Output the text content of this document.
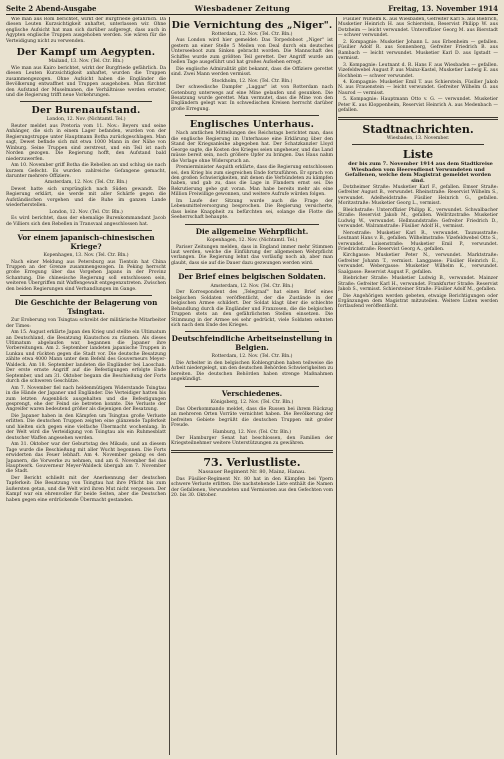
Seite 2 Abend-Ausgabe	Wiesbadener Zeitung	Freitag, 13. November 1914

Wie man aus Rom berichtet, wirkt der Burgfriede gefährlich. Da diesen Leuten Kurzsichtigkeit anhaftet, unterlassen wir. Ohne englische Aufsicht hat man sich darüber aufgeregt, dass auch in Ägypten englische Truppen ausgehoben werden. Sie wären für die Verteidigung nicht zu verwenden.

Der Kampf um Aegypten.
Mailand, 13. Nov. (Tel. Ctr. Bln.)

Wie man aus Kairo berichtet, wirkt der Burgfriede gefährlich. Da diesen Leuten Kurzsichtigkeit anhaftet, wurden die Truppen zusammengezogen. Ohne Aufsicht haben die Engländer die Bevölkerung entwaffnet und Truppen ausgehoben. Man fürchtet den Aufstand der Muselmanen, die Verhältnisse werden ernster, und die Regierung trifft neue Vorkehrungen.

Der Burenaufstand.
London, 12. Nov. (Nichtamtl. Tel.)

Reuter meldet aus Pretoria vom 11. Nov.: Beyers und seine Anhänger, die sich in einem Lager befanden, wurden von der Regierungstruppe unter Hauptmann Botha zurückgeschlagen. Man sagt, Dewet befinde sich mit etwa 1000 Mann in der Nähe von Winburg. Seine Truppen sind zerstreut, und ein Teil ist nach Norden gezogen. Die Regierung hofft, den Aufstand bald niederzuwerfen.

Am 10. November griff Botha die Rebellen an und schlug sie nach kurzem Gefecht. Es wurden zahlreiche Gefangene gemacht, darunter mehrere Offiziere.

Amsterdam, 12. Nov. (Tel. Ctr. Bln.)

Dewet hatte sich ursprünglich nach Süden gewandt. Die Regierung erklärt, sie werde mit aller Schärfe gegen die Aufständischen vorgehen und die Ruhe im ganzen Lande wiederherstellen.

London, 12. Nov. (Tel. Ctr. Bln.)

Es wird berichtet, dass der ehemalige Burenkommandant Jacob de Villiers sich den Rebellen in Transvaal angeschlossen hat.

Vor einem japanisch-chinesischen Kriege?
Kopenhagen, 13. Nov. (Tel. Ctr. Bln.)

Nach einer Meldung aus Petersburg aus Tientsin hat China Truppen an der Grenze zusammengezogen. In Peking herrscht große Erregung über das Vorgehen Japans in der Provinz Schantung. Die chinesische Regierung soll entschlossen sein, weiteren Übergriffen mit Waffengewalt entgegenzutreten. Zwischen den beiden Regierungen sind Verhandlungen im Gange.

Die Geschichte der Belagerung von Tsingtau.

Zur Eroberung von Tsingtau schreibt der militärische Mitarbeiter der Times:

Am 15. August erklärte Japan den Krieg und stellte ein Ultimatum an Deutschland, die Besatzung Kiautschou zu räumen. Als dieses Ultimatum abgelaufen war, begannen die Japaner ihre Vorbereitungen. Am 2. September landeten japanische Truppen in Lunkau und rückten gegen die Stadt vor. Die deutsche Besatzung zählte etwa 4000 Mann unter dem Befehl des Gouverneurs Meyer-Waldeck. Am 18. September landeten die Engländer bei Laoschan. Der erste ernste Angriff auf die Befestigungen erfolgte Ende September, und am 31. Oktober begann die Beschießung der Forts durch die schweren Geschütze.

Am 7. November fiel nach heldenmütigem Widerstande Tsingtau in die Hände der Japaner und Engländer. Die Verteidiger hatten bis zum letzten Augenblick ausgehalten und die Befestigungen gesprengt, ehe der Feind sie betreten konnte. Die Verluste der Angreifer waren bedeutend größer als diejenigen der Besatzung.

Die Japaner haben in den Kämpfen um Tsingtau große Verluste erlitten. Die deutschen Truppen zeigten eine glänzende Tapferkeit und hielten sich gegen eine vielfache Übermacht wochenlang. In der Welt wird die Verteidigung von Tsingtau als ein Ruhmesblatt deutscher Waffen angesehen werden.

Am 31. Oktober war der Geburtstag des Mikado, und an diesem Tage wurde die Beschießung mit aller Wucht begonnen. Die Forts erwiderten das Feuer lebhaft. Am 4. November gelang es den Japanern, die Vorwerke zu nehmen, und am 6. November fiel das Hauptwerk. Gouverneur Meyer-Waldeck übergab am 7. November die Stadt.

Der Bericht schließt mit der Anerkennung der deutschen Tapferkeit: Die Besatzung von Tsingtau hat ihre Pflicht bis zum äußersten getan, und die Welt wird ihren Mut nicht vergessen. Der Kampf war ein ehrenvoller für beide Seiten, aber die Deutschen haben gegen eine erdrückende Übermacht gestanden.

Die Vernichtung des „Niger".
Rotterdam, 12. Nov. (Tel. Ctr. Bln.)

Aus London wird hier gemeldet: Das Torpedoboot „Niger" ist gestern an einer Stelle 5 Meilen von Deal durch ein deutsches Unterseeboot zum Sinken gebracht worden. Die Mannschaft des Schiffes wurde zum größten Teil gerettet. Der Angriff wurde am hellen Tage ausgeführt und hat großes Aufsehen erregt.

Die englische Admiralität gibt bekannt, dass die Offiziere gerettet sind. Zwei Mann werden vermisst.

Stockholm, 12. Nov. (Tel. Ctr. Bln.)

Der schwedische Dampfer „Luggar" ist von Rotterdam nach Gotenburg unterwegs auf eine Mine gelaufen und gesunken. Die Besatzung wurde gerettet. Man vermutet, dass die Mine von den Engländern gelegt war. In schwedischen Kreisen herrscht darüber große Erregung.

Englisches Unterhaus.

Nach amtlichen Mitteilungen des Reichstags berichtet man, dass die englische Regierung im Unterhause eine Erklärung über den Stand der Kriegsanleihe abgegeben hat. Der Schatzkanzler Lloyd George sagte, die Kosten des Krieges seien ungeheuer, und das Land müsse bereit sein, noch größere Opfer zu bringen. Das Haus nahm die Vorlage ohne Widerspruch an.

Premierminister Asquith erklärte, dass die Regierung entschlossen sei, den Krieg bis zum siegreichen Ende fortzuführen. Er sprach von den großen Schwierigkeiten, mit denen die Verbündeten zu kämpfen haben, und gab zu, dass die Lage in Flandern ernst sei. Die Rekrutierung gehe gut voran. Man habe bereits mehr als eine Million Freiwillige gewonnen, und weitere Aufrufe würden folgen.

Im Laufe der Sitzung wurde auch die Frage der Lebensmittelversorgung besprochen. Die Regierung versicherte, dass keine Knappheit zu befürchten sei, solange die Flotte die Seeherrschaft behaupte.

Die allgemeine Wehrpflicht.
Kopenhagen, 12. Nov. (Nichtamtl. Tel.)

Pariser Zeitungen melden, dass in England immer mehr Stimmen laut werden, welche die Einführung der allgemeinen Wehrpflicht verlangen. Die Regierung lehnt das vorläufig noch ab, aber man glaubt, dass sie auf die Dauer dazu gezwungen werden wird.

Der Brief eines belgischen Soldaten.
Amsterdam, 12. Nov. (Tel. Ctr. Bln.)

Der Korrespondent des „Telegraaf" hat einen Brief eines belgischen Soldaten veröffentlicht, der die Zustände in der belgischen Armee schildert. Der Soldat klagt über die schlechte Behandlung durch die Engländer und Franzosen, die die belgischen Truppen stets an den gefährlichsten Stellen einsetzen. Die Stimmung in der Armee sei sehr gedrückt, viele Soldaten sehnten sich nach dem Ende des Krieges.

Deutschfeindliche Arbeitseinstellung in Belgien.
Rotterdam, 12. Nov. (Tel. Ctr. Bln.)

Die Arbeiter in den belgischen Kohlengruben haben teilweise die Arbeit niedergelegt, um den deutschen Behörden Schwierigkeiten zu bereiten. Die deutschen Behörden haben strenge Maßnahmen angekündigt.

Verschiedenes.
Königsberg, 12. Nov. (Tel. Ctr. Bln.)

Das Oberkommando meldet, dass die Russen bei ihrem Rückzug an mehreren Orten Vorräte vernichtet haben. Die Bevölkerung der befreiten Gebiete begrüßt die deutschen Truppen mit großer Freude.

Hamburg, 12. Nov. (Tel. Ctr. Bln.)

Der Hamburger Senat hat beschlossen, den Familien der Kriegsteilnehmer weitere Unterstützungen zu gewähren.

73. Verlustliste.
Nassauer Regiment Nr. 80, Mainz, Hanau.

Das Füsilier-Regiment Nr. 80 hat in den Kämpfen bei Ypern schwere Verluste erlitten. Die nachstehende Liste enthält die Namen der Gefallenen, Verwundeten und Vermissten aus den Gefechten vom 20. bis 30. Oktober.

Füsilier Wilhelm K. aus Wiesbaden, Gefreiter Karl S. aus Biebrich, Musketier Heinrich H. aus Schierstein, Reservist Philipp W. aus Dotzheim — leicht verwundet. Unteroffizier Georg M. aus Bierstadt — schwer verwundet.

2. Kompagnie: Musketier Johann L. aus Erbenheim — gefallen. Füsilier Adolf R. aus Sonnenberg, Gefreiter Friedrich B. aus Rambach — leicht verwundet. Musketier Karl D. aus Igstadt — vermisst.

3. Kompagnie: Leutnant d. R. Hans F. aus Wiesbaden — gefallen. Vizefeldwebel August P. aus Mainz-Kastel, Musketier Ludwig E. aus Hochheim — schwer verwundet.

4. Kompagnie: Musketier Emil T. aus Schierstein, Füsilier Jakob N. aus Frauenstein — leicht verwundet. Gefreiter Wilhelm O. aus Naurod — vermisst.

5. Kompagnie: Hauptmann Otto v. G. — verwundet. Musketier Peter K. aus Kloppenheim, Reservist Heinrich A. aus Medenbach — gefallen.

Stadtnachrichten.
Wiesbaden, 13. November.
Liste

der bis zum 7. November 1914 aus dem Stadtkreise Wiesbaden vom Heeresdienst Verwundeten und Gefallenen, welche dem Magistrat gemeldet worden sind.

Dotzheimer Straße: Musketier Karl F., gefallen. Emser Straße: Gefreiter August B., verwundet. Rheinstraße: Reservist Wilhelm S., verwundet. Adelheidstraße: Füsilier Heinrich G., gefallen. Moritzstraße: Musketier Georg L., vermisst.

Bleichstraße: Unteroffizier Philipp K., verwundet. Schwalbacher Straße: Reservist Jakob M., gefallen. Wellritzstraße: Musketier Ludwig W., verwundet. Hellmundstraße: Gefreiter Friedrich D., verwundet. Walramstraße: Füsilier Adolf H., vermisst.

Nerostraße: Musketier Karl R., verwundet. Taunusstraße: Leutnant Hans v. B., gefallen. Wilhelmstraße: Vizefeldwebel Otto S., verwundet. Luisenstraße: Musketier Emil P., verwundet. Friedrichstraße: Reservist Georg A., gefallen.

Kirchgasse: Musketier Peter N., verwundet. Marktstraße: Gefreiter Johann T., vermisst. Langgasse: Füsilier Heinrich E., verwundet. Webergasse: Musketier Wilhelm K., verwundet. Saalgasse: Reservist August F., gefallen.

Biebricher Straße: Musketier Ludwig B., verwundet. Mainzer Straße: Gefreiter Karl H., verwundet. Frankfurter Straße: Reservist Jakob S., vermisst. Schiersteiner Straße: Füsilier Adolf M., gefallen.

Die Angehörigen werden gebeten, etwaige Berichtigungen oder Ergänzungen dem Magistrat mitzuteilen. Weitere Listen werden fortlaufend veröffentlicht.
